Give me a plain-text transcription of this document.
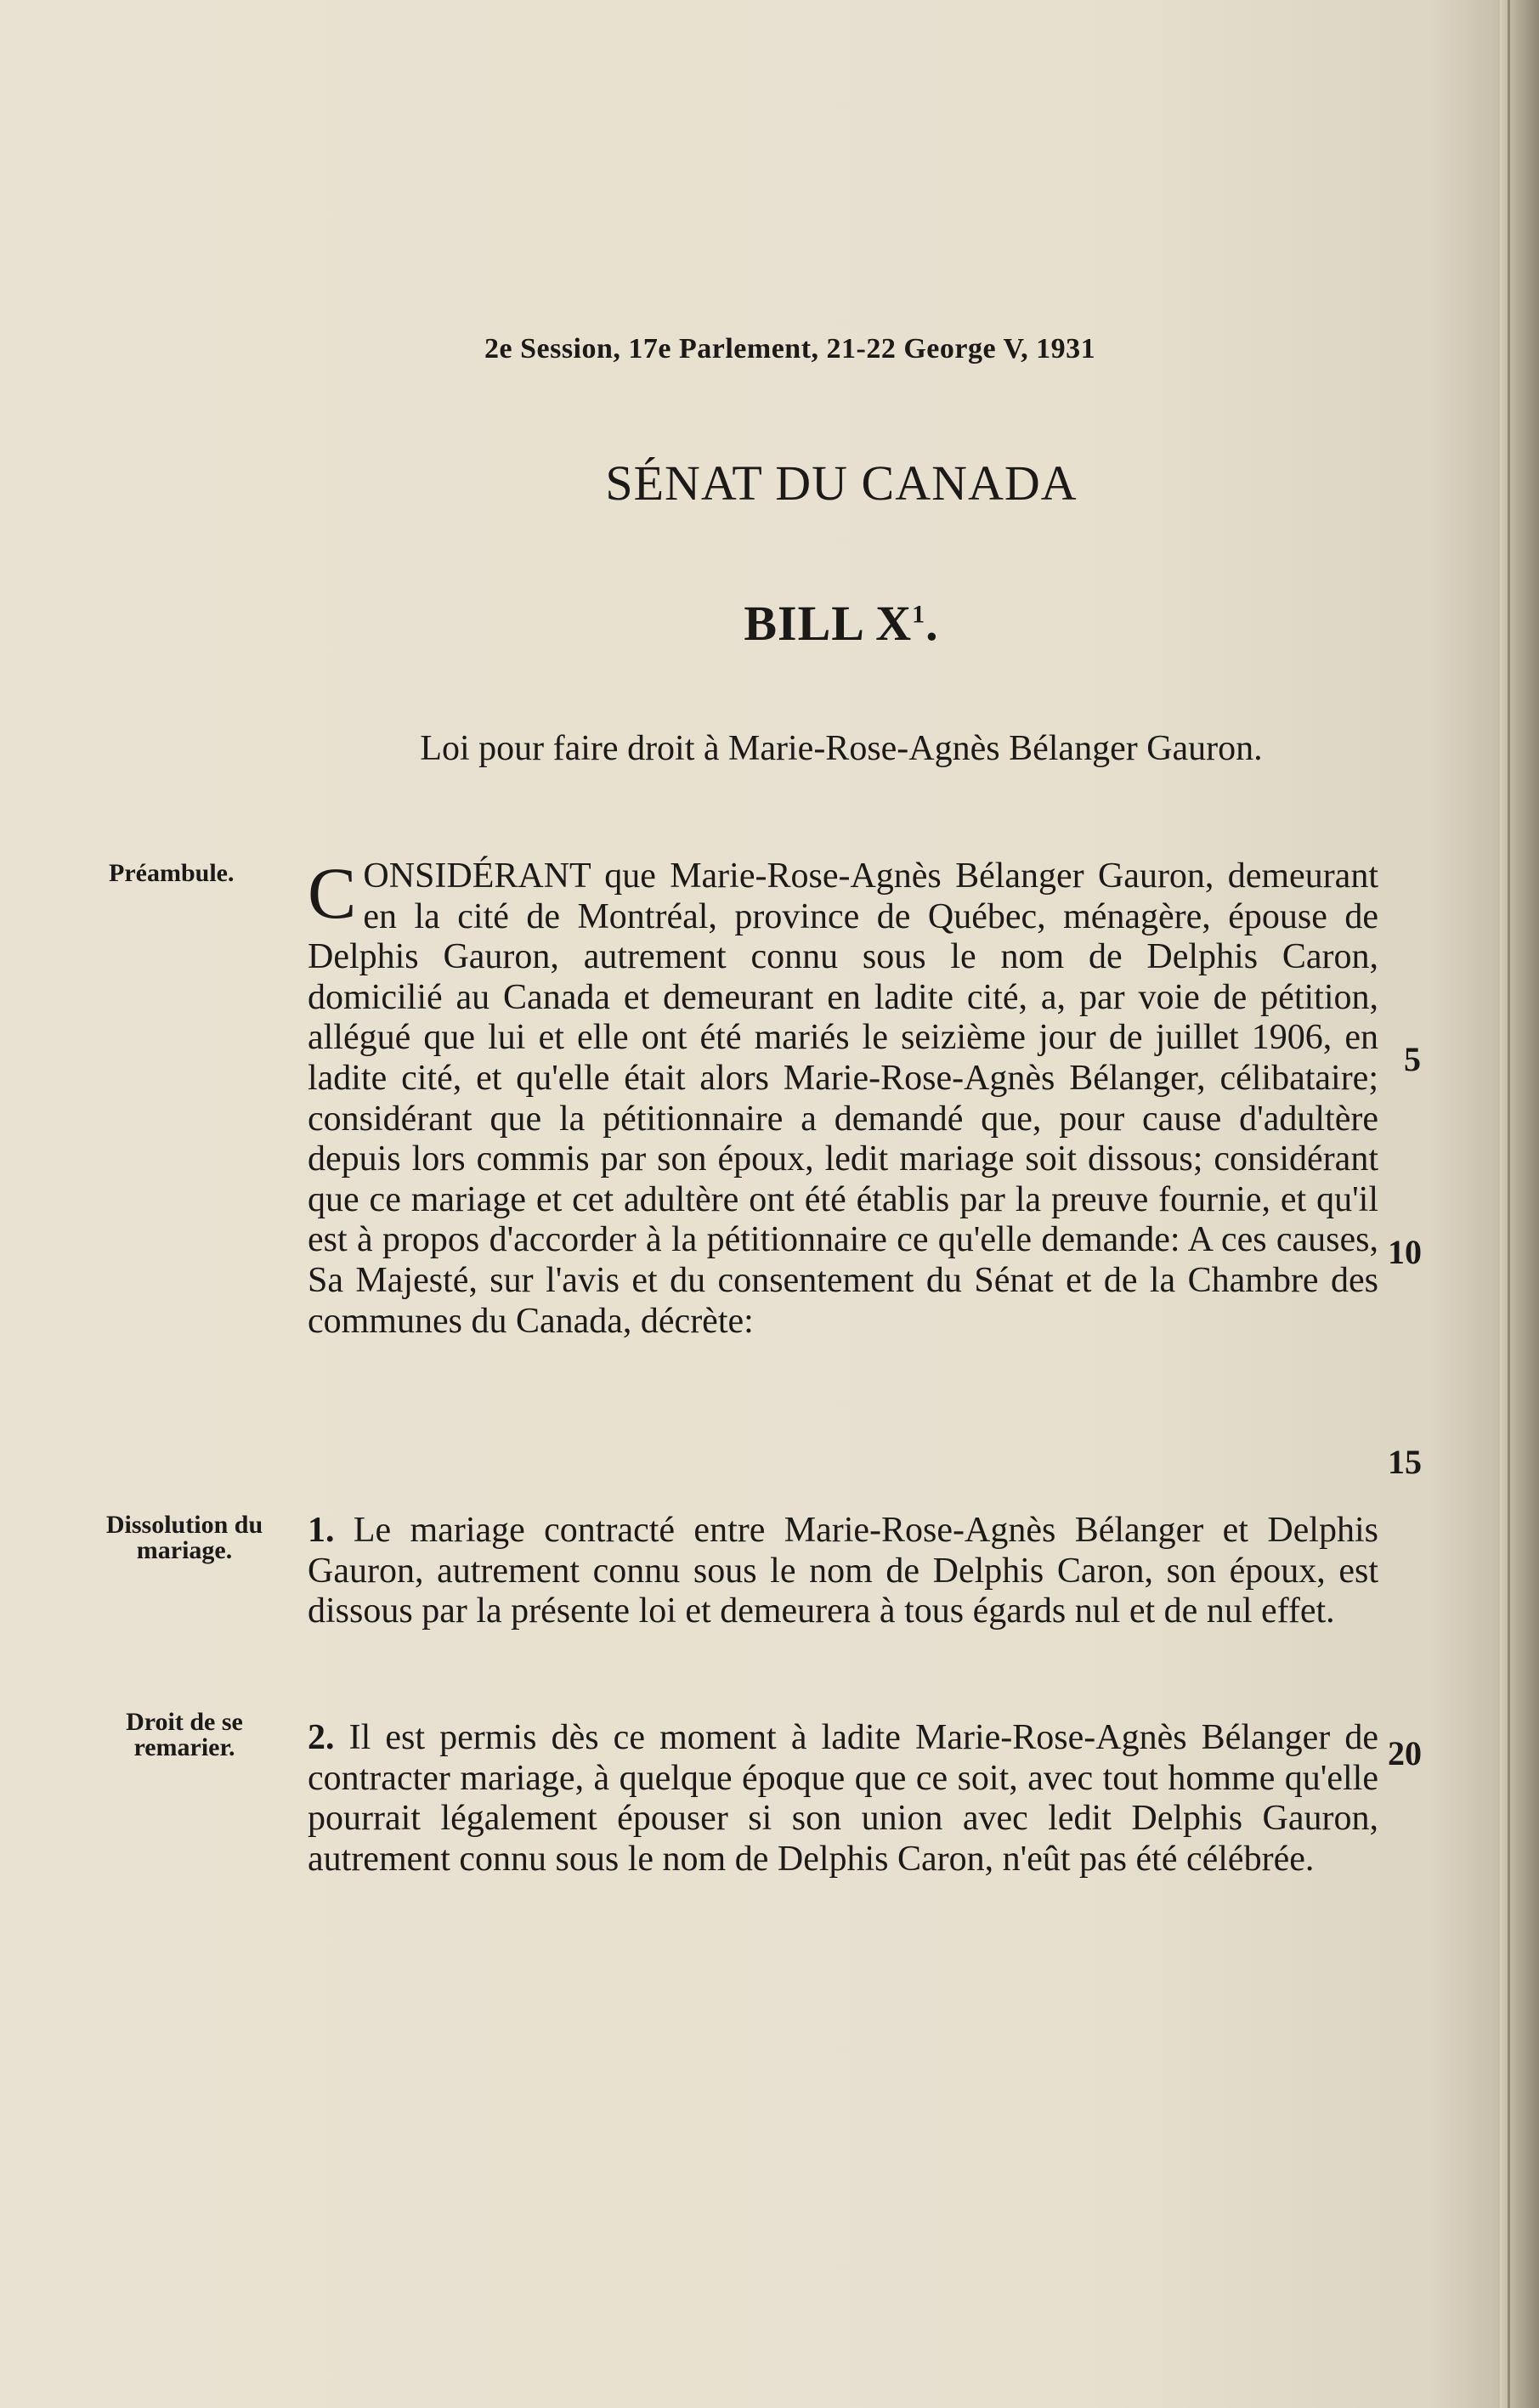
2e Session, 17e Parlement, 21-22 George V, 1931
SÉNAT DU CANADA
BILL $X^1$.
Loi pour faire droit à Marie-Rose-Agnès Bélanger Gauron.
Préambule.
Dissolution du mariage.
Droit de se remarier.
CONSIDÉRANT que Marie-Rose-Agnès Bélanger Gauron, demeurant en la cité de Montréal, province de Québec, ménagère, épouse de Delphis Gauron, autrement connu sous le nom de Delphis Caron, domicilié au Canada et demeurant en ladite cité, a, par voie de pétition, allégué que lui et elle ont été mariés le seizième jour de juillet 1906, en ladite cité, et qu'elle était alors Marie-Rose-Agnès Bélanger, célibataire; considérant que la pétitionnaire a demandé que, pour cause d'adultère depuis lors commis par son époux, ledit mariage soit dissous; considérant que ce mariage et cet adultère ont été établis par la preuve fournie, et qu'il est à propos d'accorder à la pétitionnaire ce qu'elle demande: A ces causes, Sa Majesté, sur l'avis et du consentement du Sénat et de la Chambre des communes du Canada, décrète:
1. Le mariage contracté entre Marie-Rose-Agnès Bélanger et Delphis Gauron, autrement connu sous le nom de Delphis Caron, son époux, est dissous par la présente loi et demeurera à tous égards nul et de nul effet.
2. Il est permis dès ce moment à ladite Marie-Rose-Agnès Bélanger de contracter mariage, à quelque époque que ce soit, avec tout homme qu'elle pourrait légalement épouser si son union avec ledit Delphis Gauron, autrement connu sous le nom de Delphis Caron, n'eût pas été célébrée.
5
10
15
20
